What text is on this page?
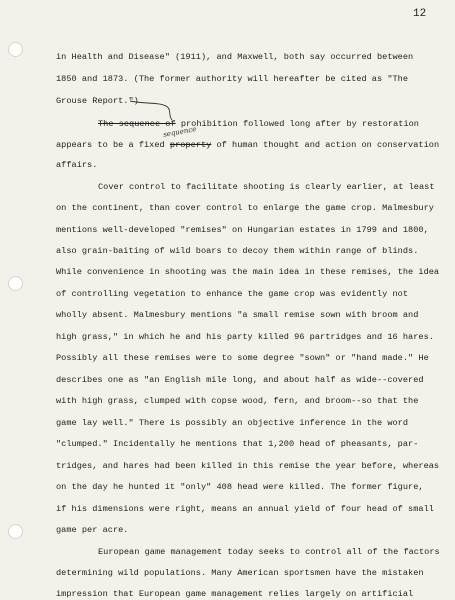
12
in Health and Disease" (1911), and Maxwell, both say occurred between
1850 and 1873. (The former authority will hereafter be cited as "The
Grouse Report.")
The sequence of prohibition followed long after by restoration
sequence
appears to be a fixed property of human thought and action on conservation
affairs.
Cover control to facilitate shooting is clearly earlier, at least
on the continent, than cover control to enlarge the game crop. Malmesbury
mentions well-developed "remises" on Hungarian estates in 1799 and 1800,
also grain-baiting of wild boars to decoy them within range of blinds.
While convenience in shooting was the main idea in these remises, the idea
of controlling vegetation to enhance the game crop was evidently not
wholly absent. Malmesbury mentions "a small remise sown with broom and
high grass," in which he and his party killed 96 partridges and 16 hares.
Possibly all these remises were to some degree "sown" or "hand made." He
describes one as "an English mile long, and about half as wide--covered
with high grass, clumped with copse wood, fern, and broom--so that the
game lay well." There is possibly an objective inference in the word
"clumped." Incidentally he mentions that 1,200 head of pheasants, par-
tridges, and hares had been killed in this remise the year before, whereas
on the day he hunted it "only" 408 head were killed. The former figure,
if his dimensions were right, means an annual yield of four head of small
game per acre.
European game management today seeks to control all of the factors
determining wild populations. Many American sportsmen have the mistaken
impression that European game management relies largely on artificial
